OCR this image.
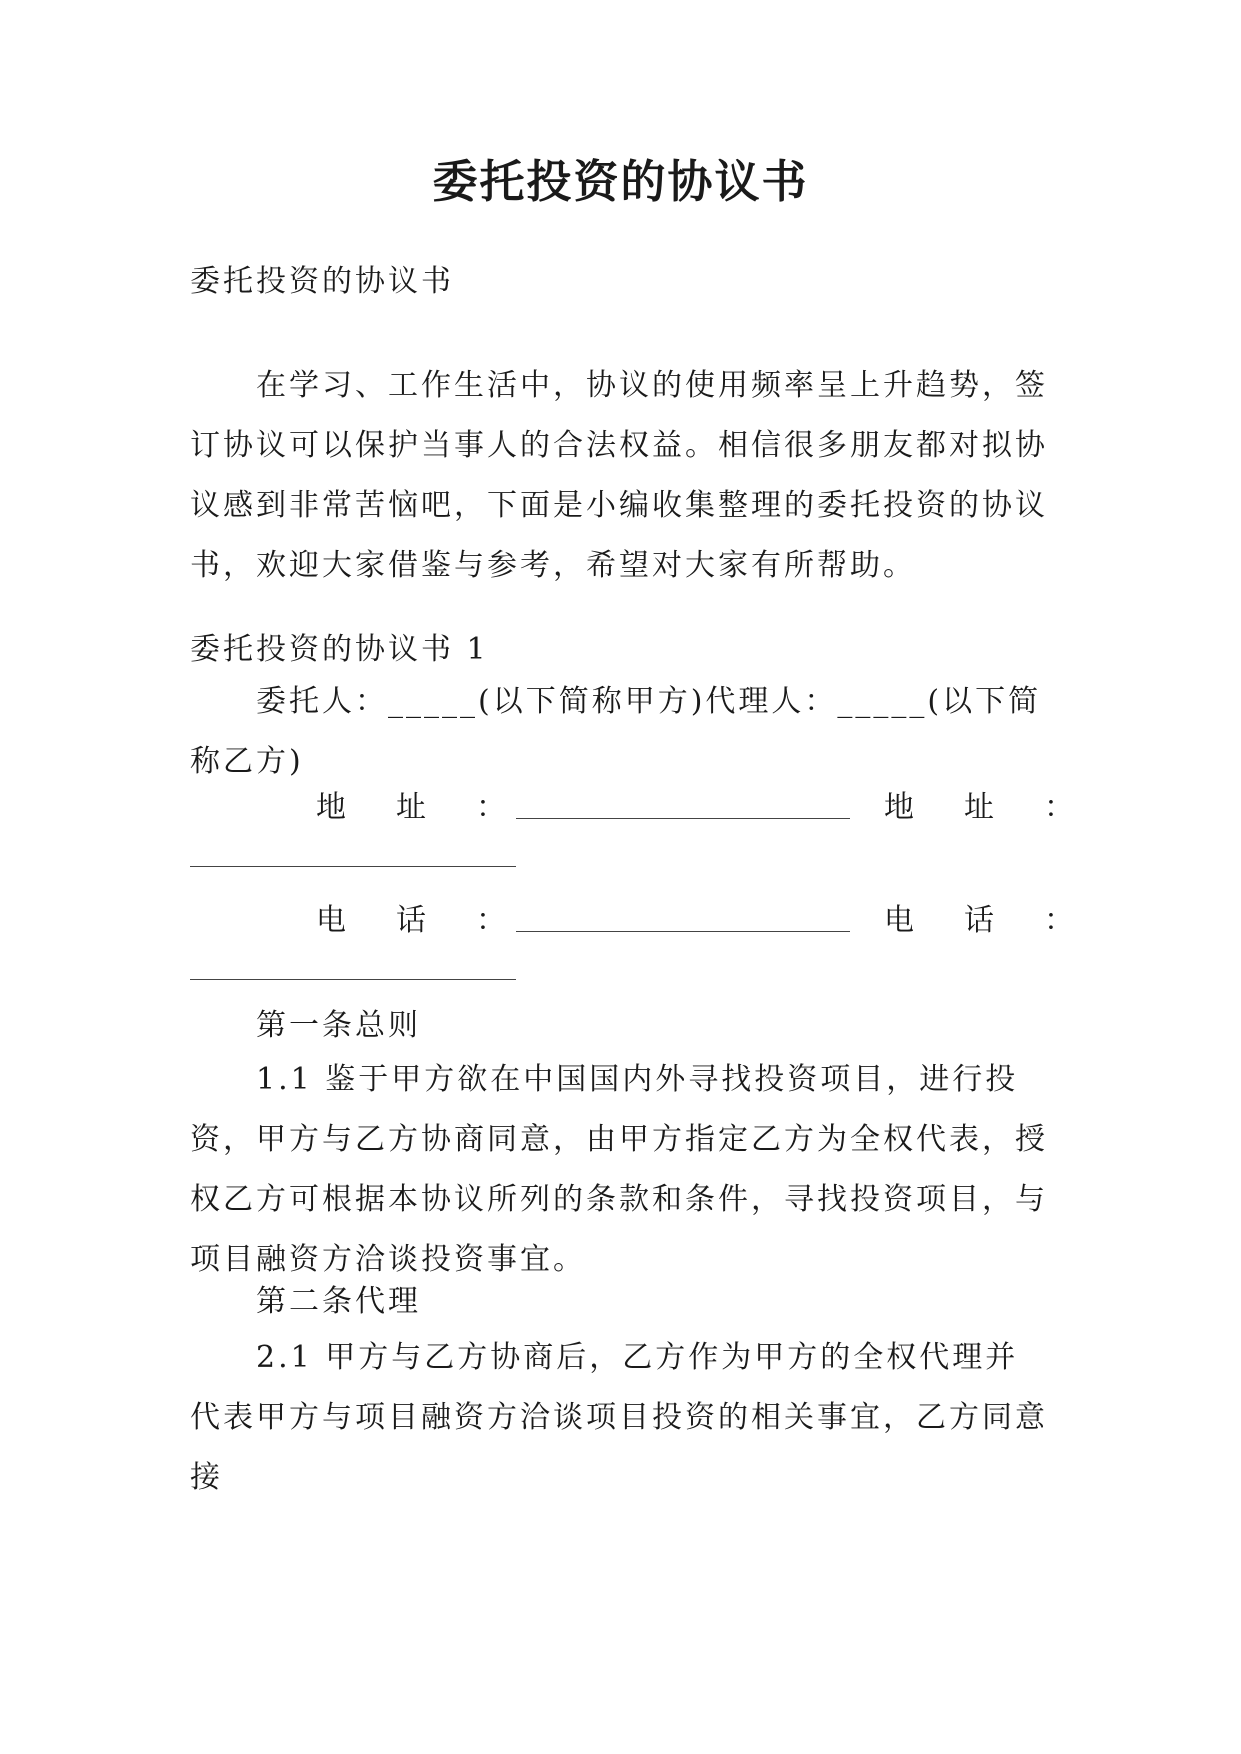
委托投资的协议书

委托投资的协议书

在学习、工作生活中，协议的使用频率呈上升趋势，签订协议可以保护当事人的合法权益。相信很多朋友都对拟协议感到非常苦恼吧，下面是小编收集整理的委托投资的协议书，欢迎大家借鉴与参考，希望对大家有所帮助。

委托投资的协议书 1

委托人：_____(以下简称甲方)代理人：_____(以下简称乙方)

地　址　：	地　址　：

电　话　：	电　话　：

第一条总则

1.1 鉴于甲方欲在中国国内外寻找投资项目，进行投资，甲方与乙方协商同意，由甲方指定乙方为全权代表，授权乙方可根据本协议所列的条款和条件，寻找投资项目，与项目融资方洽谈投资事宜。

第二条代理

2.1 甲方与乙方协商后，乙方作为甲方的全权代理并代表甲方与项目融资方洽谈项目投资的相关事宜，乙方同意接
